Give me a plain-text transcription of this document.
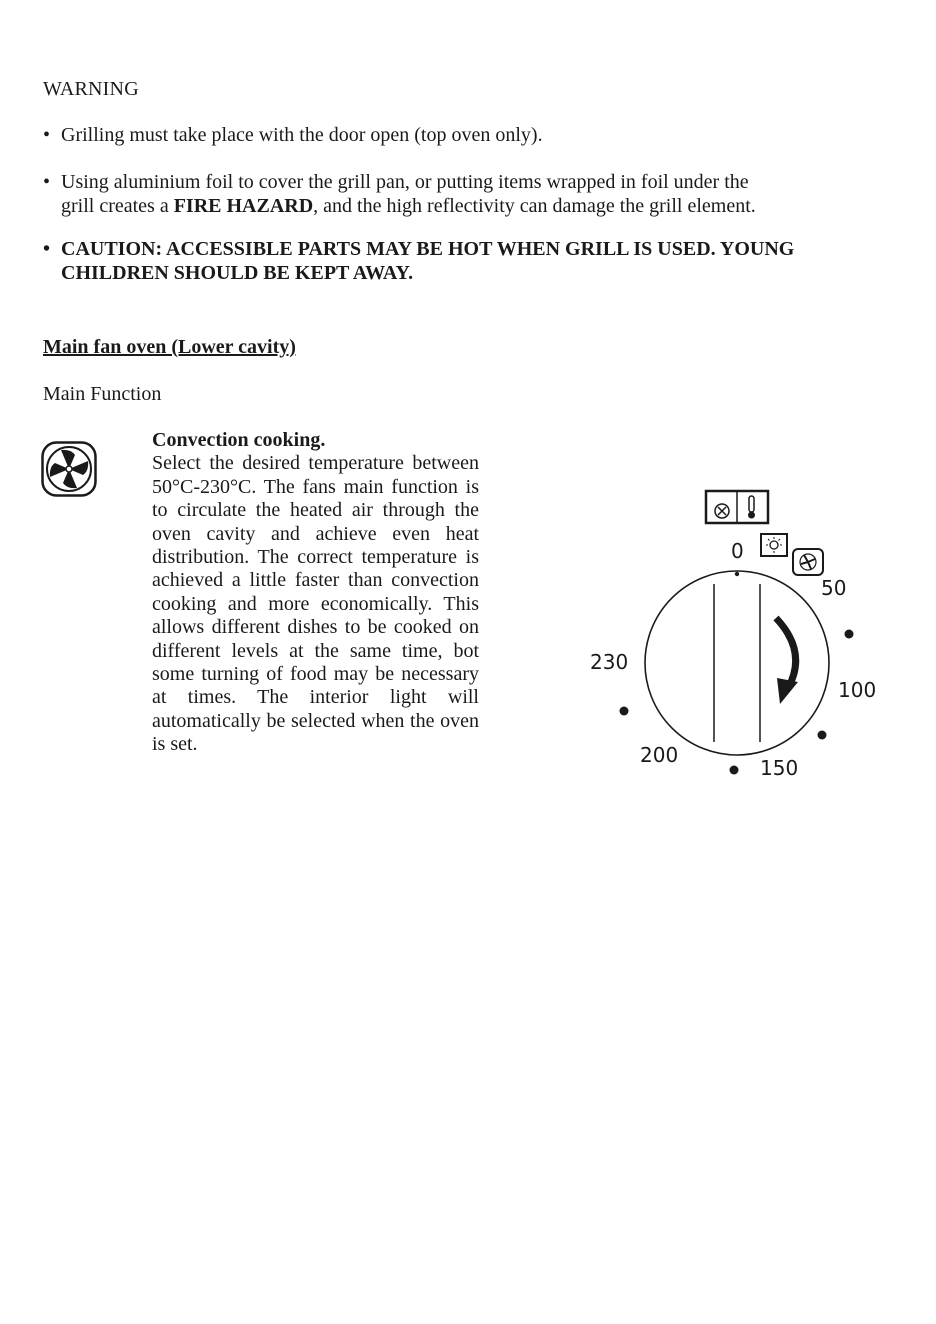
WARNING
• Grilling must take place with the door open (top oven only).
• Using aluminium foil to cover the grill pan, or putting items wrapped in foil under the
grill creates a FIRE HAZARD, and the high reflectivity can damage the grill element.
• CAUTION: ACCESSIBLE PARTS MAY BE HOT WHEN GRILL IS USED. YOUNG
CHILDREN SHOULD BE KEPT AWAY.
Main fan oven (Lower cavity)
Main Function
Convection cooking.
Select the desired temperature between 50°C-230°C. The fans main function is to circulate the heated air through the oven cavity and achieve even heat distribution. The correct temperature is achieved a little faster than convection cooking and more economically. This allows different dishes to be cooked on different levels at the same time, bot some turning of food may be necessary at times. The interior light will automatically be selected when the oven is set.
0
50
100
150
200
230
